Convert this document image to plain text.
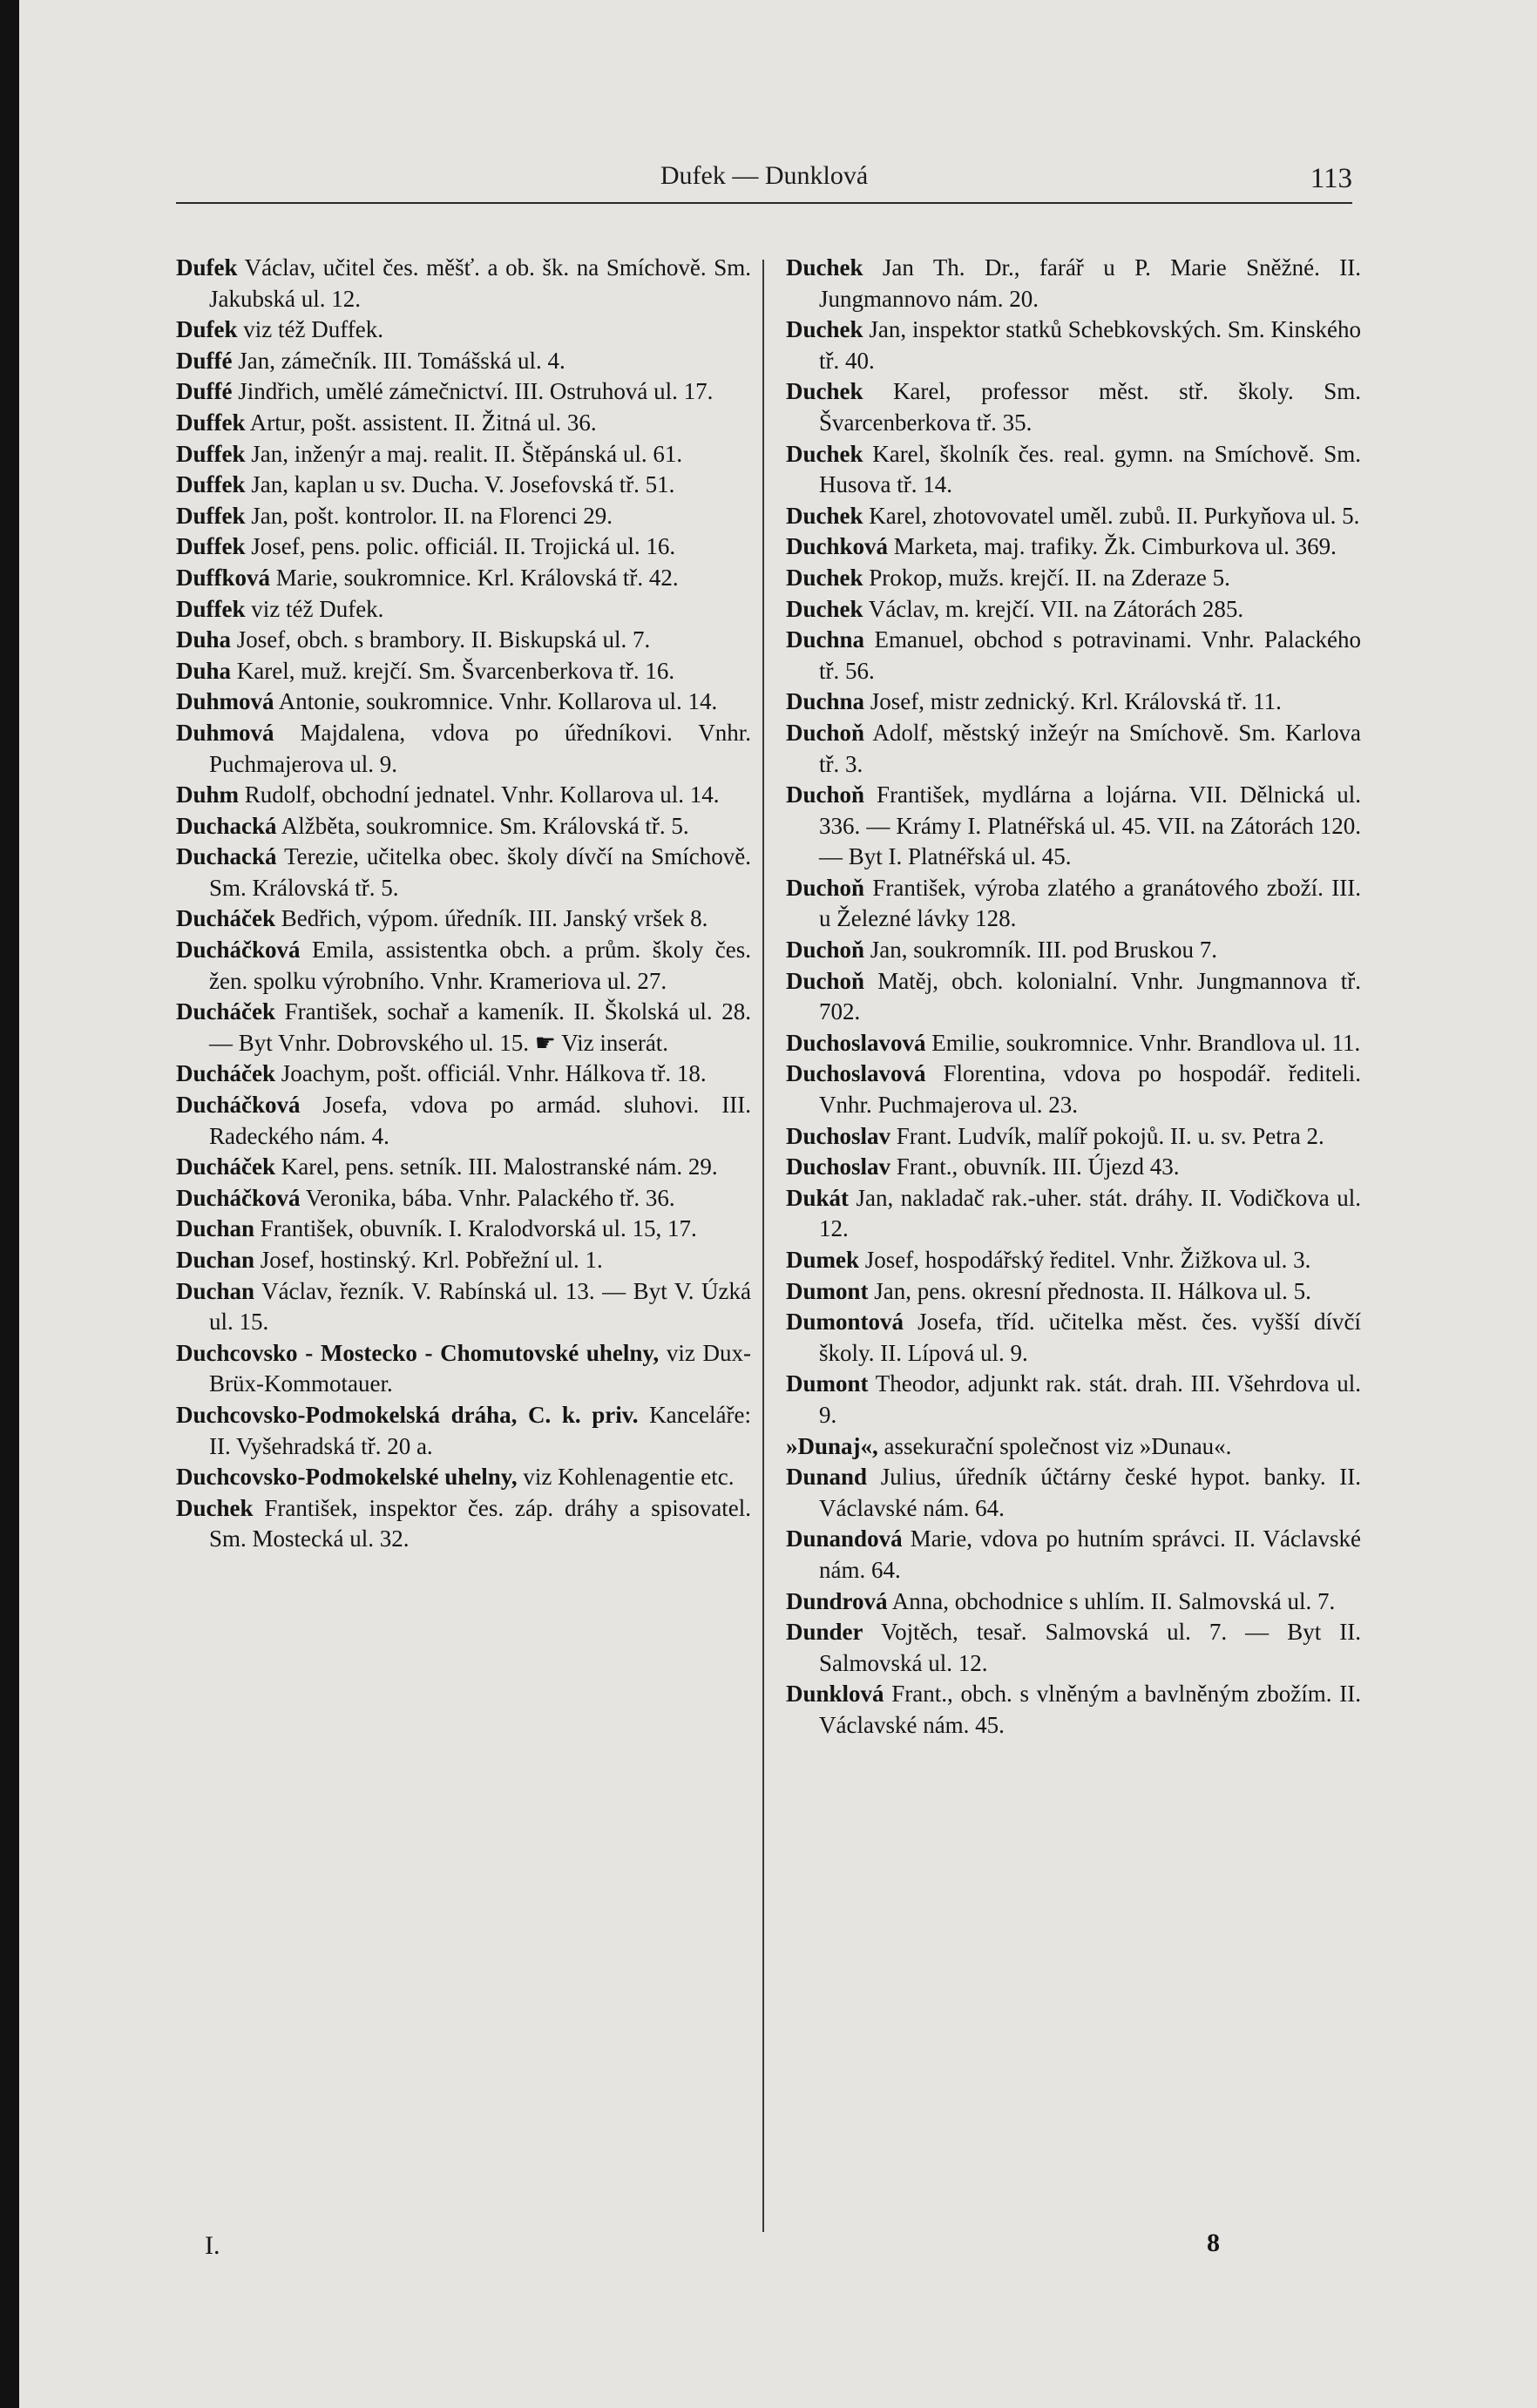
Dufek — Dunklová	113

Dufek Václav, učitel čes. měšť. a ob. šk. na Smíchově. Sm. Jakubská ul. 12.

Dufek viz též Duffek.

Duffé Jan, zámečník. III. Tomášská ul. 4.

Duffé Jindřich, umělé zámečnictví. III. Ostruhová ul. 17.

Duffek Artur, pošt. assistent. II. Žitná ul. 36.

Duffek Jan, inženýr a maj. realit. II. Štěpánská ul. 61.

Duffek Jan, kaplan u sv. Ducha. V. Josefovská tř. 51.

Duffek Jan, pošt. kontrolor. II. na Florenci 29.

Duffek Josef, pens. polic. officiál. II. Trojická ul. 16.

Duffková Marie, soukromnice. Krl. Královská tř. 42.

Duffek viz též Dufek.

Duha Josef, obch. s brambory. II. Biskupská ul. 7.

Duha Karel, muž. krejčí. Sm. Švarcenberkova tř. 16.

Duhmová Antonie, soukromnice. Vnhr. Kollarova ul. 14.

Duhmová Majdalena, vdova po úředníkovi. Vnhr. Puchmajerova ul. 9.

Duhm Rudolf, obchodní jednatel. Vnhr. Kollarova ul. 14.

Duchacká Alžběta, soukromnice. Sm. Královská tř. 5.

Duchacká Terezie, učitelka obec. školy dívčí na Smíchově. Sm. Královská tř. 5.

Ducháček Bedřich, výpom. úředník. III. Janský vršek 8.

Ducháčková Emila, assistentka obch. a prům. školy čes. žen. spolku výrobního. Vnhr. Krameriova ul. 27.

Ducháček František, sochař a kameník. II. Školská ul. 28. — Byt Vnhr. Dobrovského ul. 15. ☛ Viz inserát.

Ducháček Joachym, pošt. officiál. Vnhr. Hálkova tř. 18.

Ducháčková Josefa, vdova po armád. sluhovi. III. Radeckého nám. 4.

Ducháček Karel, pens. setník. III. Malostranské nám. 29.

Ducháčková Veronika, bába. Vnhr. Palackého tř. 36.

Duchan František, obuvník. I. Kralodvorská ul. 15, 17.

Duchan Josef, hostinský. Krl. Pobřežní ul. 1.

Duchan Václav, řezník. V. Rabínská ul. 13. — Byt V. Úzká ul. 15.

Duchcovsko - Mostecko - Chomutovské uhelny, viz Dux-Brüx-Kommotauer.

Duchcovsko-Podmokelská dráha, C. k. priv. Kanceláře: II. Vyšehradská tř. 20 a.

Duchcovsko-Podmokelské uhelny, viz Kohlenagentie etc.

Duchek František, inspektor čes. záp. dráhy a spisovatel. Sm. Mostecká ul. 32.

Duchek Jan Th. Dr., farář u P. Marie Sněžné. II. Jungmannovo nám. 20.

Duchek Jan, inspektor statků Schebkovských. Sm. Kinského tř. 40.

Duchek Karel, professor měst. stř. školy. Sm. Švarcenberkova tř. 35.

Duchek Karel, školník čes. real. gymn. na Smíchově. Sm. Husova tř. 14.

Duchek Karel, zhotovovatel uměl. zubů. II. Purkyňova ul. 5.

Duchková Marketa, maj. trafiky. Žk. Cimburkova ul. 369.

Duchek Prokop, mužs. krejčí. II. na Zderaze 5.

Duchek Václav, m. krejčí. VII. na Zátorách 285.

Duchna Emanuel, obchod s potravinami. Vnhr. Palackého tř. 56.

Duchna Josef, mistr zednický. Krl. Královská tř. 11.

Duchoň Adolf, městský inžeýr na Smíchově. Sm. Karlova tř. 3.

Duchoň František, mydlárna a lojárna. VII. Dělnická ul. 336. — Krámy I. Platnéřská ul. 45. VII. na Zátorách 120. — Byt I. Platnéřská ul. 45.

Duchoň František, výroba zlatého a granátového zboží. III. u Železné lávky 128.

Duchoň Jan, soukromník. III. pod Bruskou 7.

Duchoň Matěj, obch. kolonialní. Vnhr. Jungmannova tř. 702.

Duchoslavová Emilie, soukromnice. Vnhr. Brandlova ul. 11.

Duchoslavová Florentina, vdova po hospodář. řediteli. Vnhr. Puchmajerova ul. 23.

Duchoslav Frant. Ludvík, malíř pokojů. II. u. sv. Petra 2.

Duchoslav Frant., obuvník. III. Újezd 43.

Dukát Jan, nakladač rak.-uher. stát. dráhy. II. Vodičkova ul. 12.

Dumek Josef, hospodářský ředitel. Vnhr. Žižkova ul. 3.

Dumont Jan, pens. okresní přednosta. II. Hálkova ul. 5.

Dumontová Josefa, tříd. učitelka měst. čes. vyšší dívčí školy. II. Lípová ul. 9.

Dumont Theodor, adjunkt rak. stát. drah. III. Všehrdova ul. 9.

»Dunaj«, assekurační společnost viz »Dunau«.

Dunand Julius, úředník účtárny české hypot. banky. II. Václavské nám. 64.

Dunandová Marie, vdova po hutním správci. II. Václavské nám. 64.

Dundrová Anna, obchodnice s uhlím. II. Salmovská ul. 7.

Dunder Vojtěch, tesař. Salmovská ul. 7. — Byt II. Salmovská ul. 12.

Dunklová Frant., obch. s vlněným a bavlněným zbožím. II. Václavské nám. 45.

I.	8
